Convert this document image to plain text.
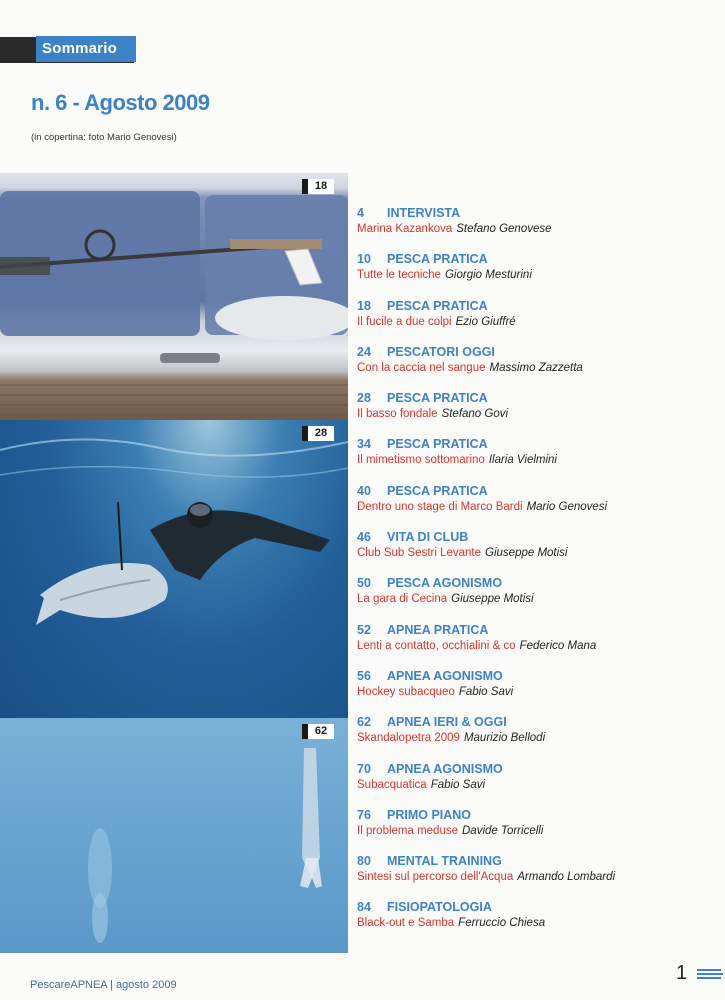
Sommario
n. 6 - Agosto 2009
(in copertina: foto Mario Genovesi)
18
28
62
4 INTERVISTA
Marina Kazankova Stefano Genovese
10 PESCA PRATICA
Tutte le tecniche Giorgio Mesturini
18 PESCA PRATICA
Il fucile a due colpi Ezio Giuffré
24 PESCATORI OGGI
Con la caccia nel sangue Massimo Zazzetta
28 PESCA PRATICA
Il basso fondale Stefano Govi
34 PESCA PRATICA
Il mimetismo sottomarino Ilaria Vielmini
40 PESCA PRATICA
Dentro uno stage di Marco Bardi Mario Genovesi
46 VITA DI CLUB
Club Sub Sestri Levante Giuseppe Motisi
50 PESCA AGONISMO
La gara di Cecina Giuseppe Motisi
52 APNEA PRATICA
Lenti a contatto, occhialini & co Federico Mana
56 APNEA AGONISMO
Hockey subacqueo Fabio Savi
62 APNEA IERI & OGGI
Skandalopetra 2009 Maurizio Bellodi
70 APNEA AGONISMO
Subacquatica Fabio Savi
76 PRIMO PIANO
Il problema meduse Davide Torricelli
80 MENTAL TRAINING
Sintesi sul percorso dell'Acqua Armando Lombardi
84 FISIOPATOLOGIA
Black-out e Samba Ferruccio Chiesa
PescareAPNEA | agosto 2009
1
